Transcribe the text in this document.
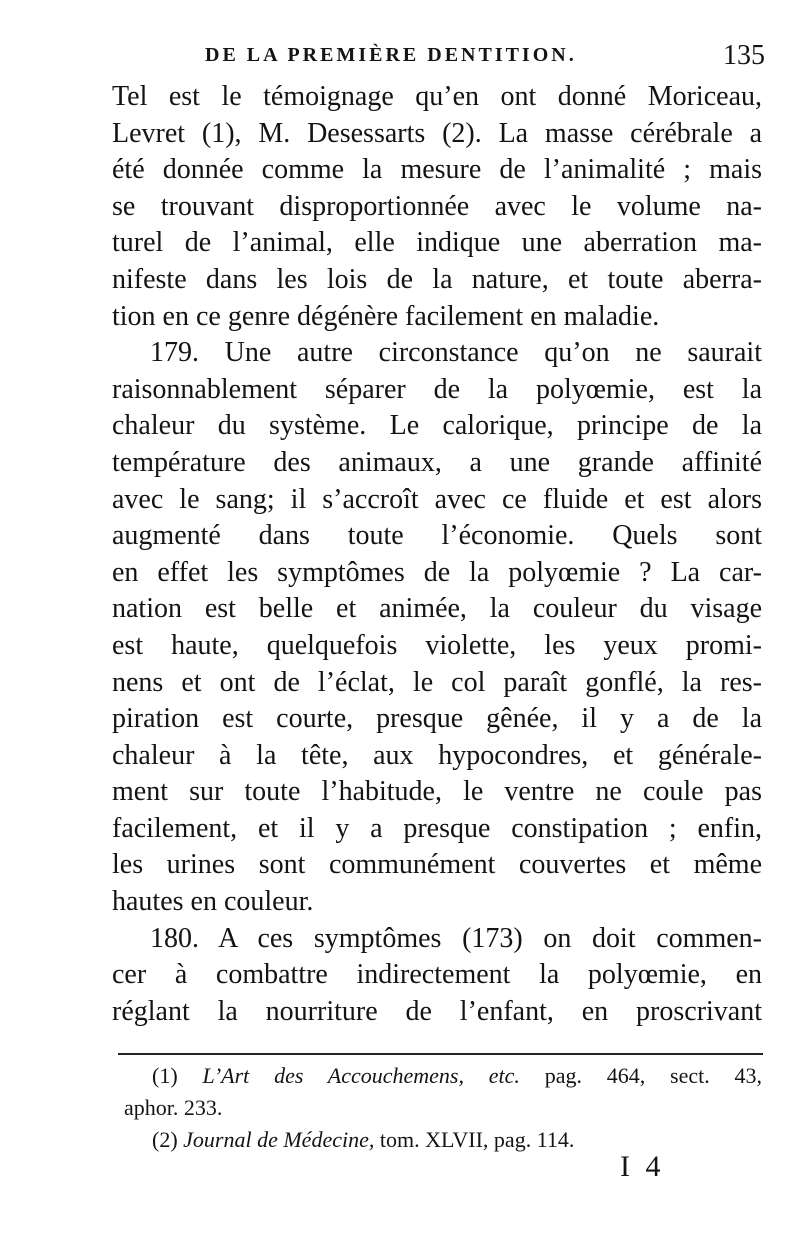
DE LA PREMIÈRE DENTITION.	135
Tel est le témoignage qu’en ont donné Moriceau,
Levret (1), M. Desessarts (2). La masse cérébrale a
été donnée comme la mesure de l’animalité ; mais
se trouvant disproportionnée avec le volume na-
turel de l’animal, elle indique une aberration ma-
nifeste dans les lois de la nature, et toute aberra-
tion en ce genre dégénère facilement en maladie.
179. Une autre circonstance qu’on ne saurait
raisonnablement séparer de la polyœmie, est la
chaleur du système. Le calorique, principe de la
température des animaux, a une grande affinité
avec le sang; il s’accroît avec ce fluide et est alors
augmenté dans toute l’économie. Quels sont
en effet les symptômes de la polyœmie ? La car-
nation est belle et animée, la couleur du visage
est haute, quelquefois violette, les yeux promi-
nens et ont de l’éclat, le col paraît gonflé, la res-
piration est courte, presque gênée, il y a de la
chaleur à la tête, aux hypocondres, et généralе-
ment sur toute l’habitude, le ventre ne coule pas
facilement, et il y a presque constipation ; enfin,
les urines sont communément couvertes et même
hautes en couleur.
180. A ces symptômes (173) on doit commen-
cer à combattre indirectement la polyœmie, en
réglant la nourriture de l’enfant, en proscrivant
(1) L’Art des Accouchemens, etc. pag. 464, sect. 43,
aphor. 233.
(2) Journal de Médecine, tom. XLVII, pag. 114.
I 4
